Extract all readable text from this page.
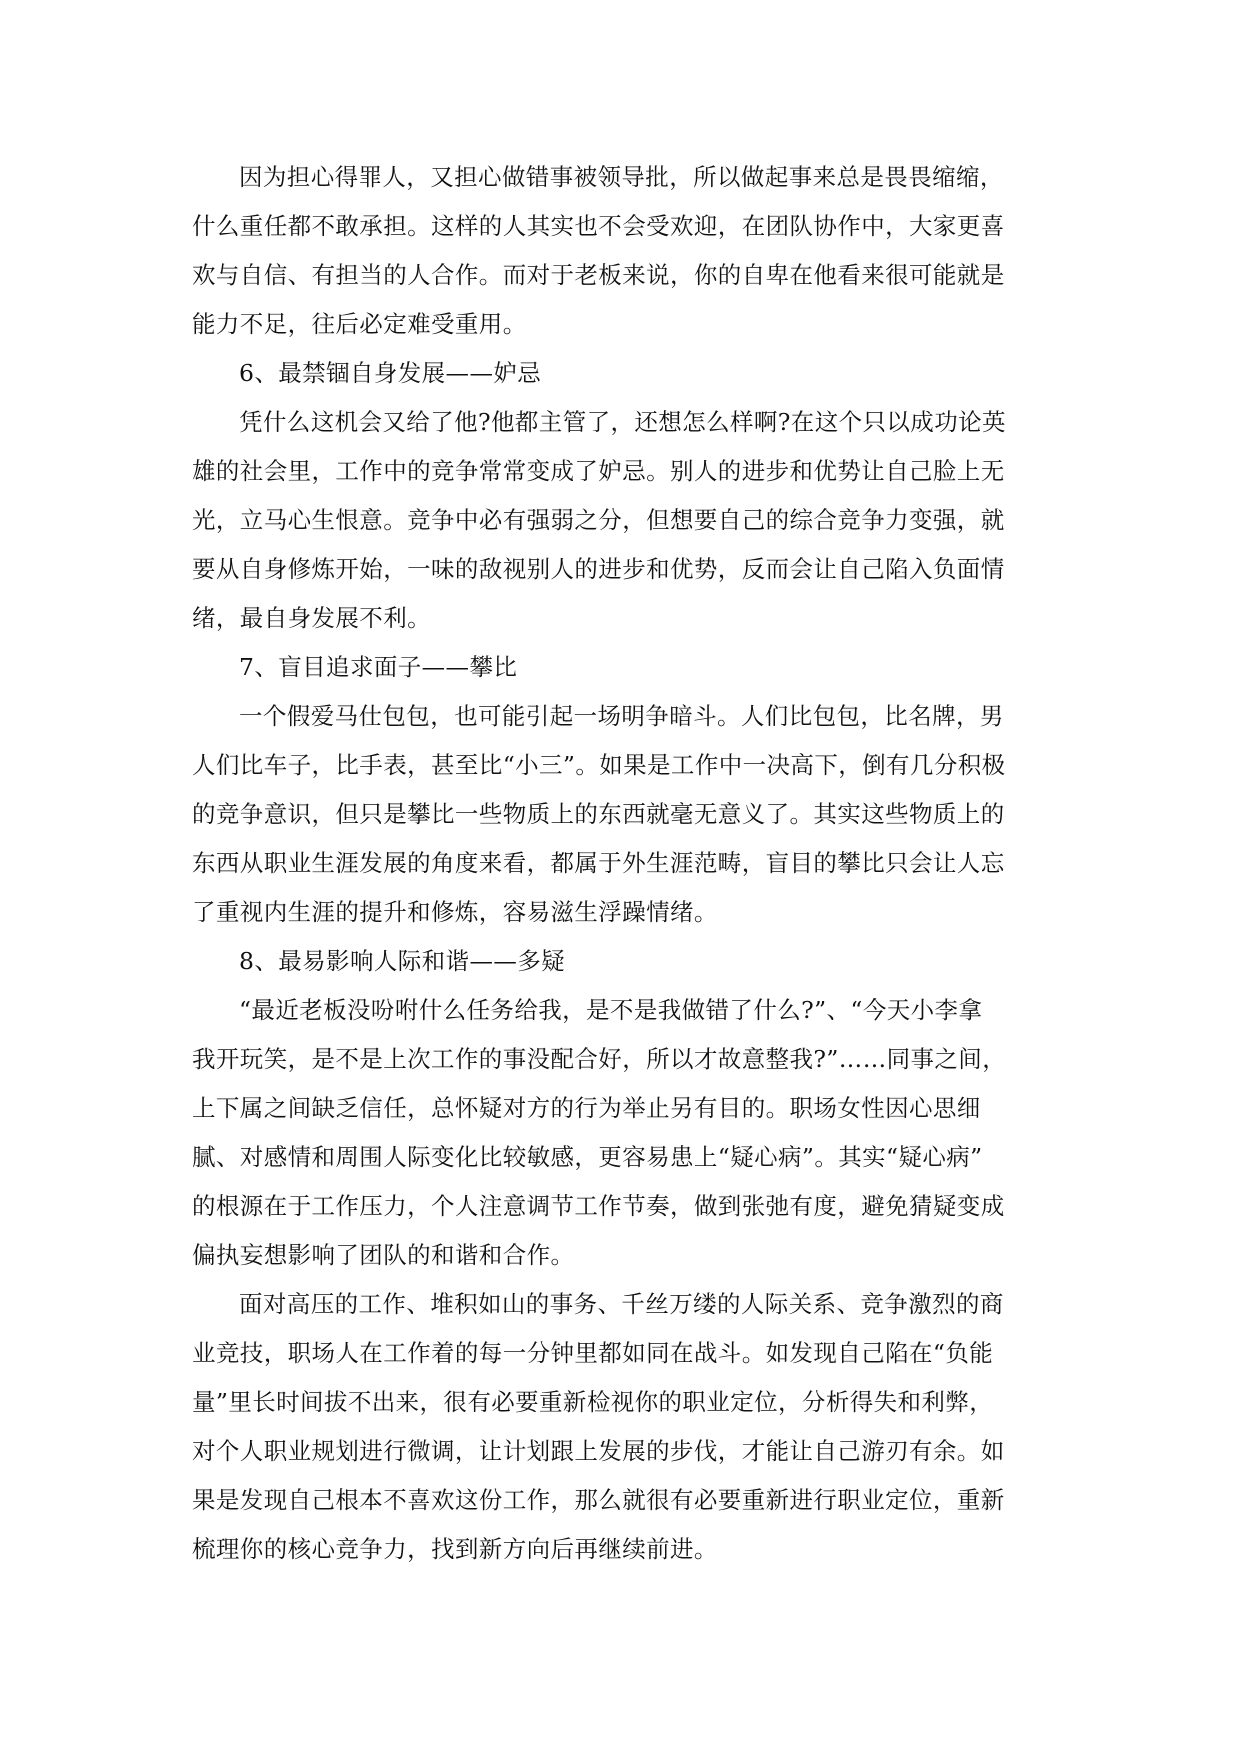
因为担心得罪人，又担心做错事被领导批，所以做起事来总是畏畏缩缩，
什么重任都不敢承担。这样的人其实也不会受欢迎，在团队协作中，大家更喜
欢与自信、有担当的人合作。而对于老板来说，你的自卑在他看来很可能就是
能力不足，往后必定难受重用。
6、最禁锢自身发展——妒忌
凭什么这机会又给了他?他都主管了，还想怎么样啊?在这个只以成功论英
雄的社会里，工作中的竞争常常变成了妒忌。别人的进步和优势让自己脸上无
光，立马心生恨意。竞争中必有强弱之分，但想要自己的综合竞争力变强，就
要从自身修炼开始，一味的敌视别人的进步和优势，反而会让自己陷入负面情
绪，最自身发展不利。
7、盲目追求面子——攀比
一个假爱马仕包包，也可能引起一场明争暗斗。人们比包包，比名牌，男
人们比车子，比手表，甚至比“小三”。如果是工作中一决高下，倒有几分积极
的竞争意识，但只是攀比一些物质上的东西就毫无意义了。其实这些物质上的
东西从职业生涯发展的角度来看，都属于外生涯范畴，盲目的攀比只会让人忘
了重视内生涯的提升和修炼，容易滋生浮躁情绪。
8、最易影响人际和谐——多疑
“最近老板没吩咐什么任务给我，是不是我做错了什么?”、“今天小李拿
我开玩笑，是不是上次工作的事没配合好，所以才故意整我?”……同事之间，
上下属之间缺乏信任，总怀疑对方的行为举止另有目的。职场女性因心思细
腻、对感情和周围人际变化比较敏感，更容易患上“疑心病”。其实“疑心病”
的根源在于工作压力，个人注意调节工作节奏，做到张弛有度，避免猜疑变成
偏执妄想影响了团队的和谐和合作。
面对高压的工作、堆积如山的事务、千丝万缕的人际关系、竞争激烈的商
业竞技，职场人在工作着的每一分钟里都如同在战斗。如发现自己陷在“负能
量”里长时间拔不出来，很有必要重新检视你的职业定位，分析得失和利弊，
对个人职业规划进行微调，让计划跟上发展的步伐，才能让自己游刃有余。如
果是发现自己根本不喜欢这份工作，那么就很有必要重新进行职业定位，重新
梳理你的核心竞争力，找到新方向后再继续前进。
